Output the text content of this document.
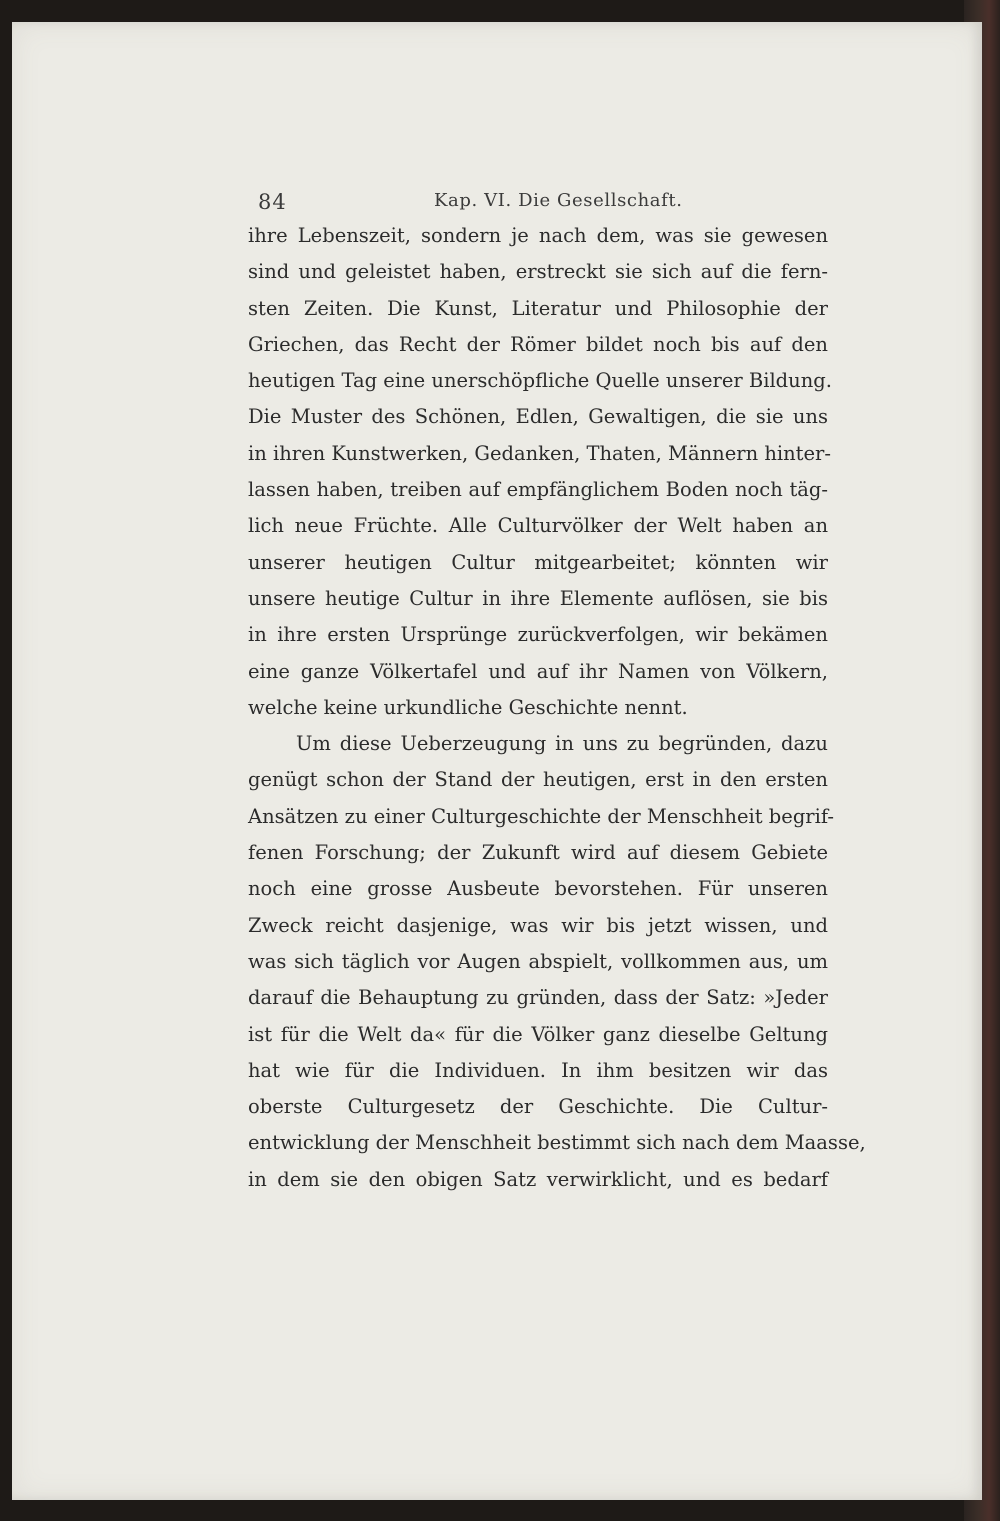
84	Kap. VI. Die Gesellschaft.
ihre Lebenszeit, sondern je nach dem, was sie gewesen
sind und geleistet haben, erstreckt sie sich auf die fern-
sten Zeiten. Die Kunst, Literatur und Philosophie der
Griechen, das Recht der Römer bildet noch bis auf den
heutigen Tag eine unerschöpfliche Quelle unserer Bildung.
Die Muster des Schönen, Edlen, Gewaltigen, die sie uns
in ihren Kunstwerken, Gedanken, Thaten, Männern hinter-
lassen haben, treiben auf empfänglichem Boden noch täg-
lich neue Früchte. Alle Culturvölker der Welt haben an
unserer heutigen Cultur mitgearbeitet; könnten wir
unsere heutige Cultur in ihre Elemente auflösen, sie bis
in ihre ersten Ursprünge zurückverfolgen, wir bekämen
eine ganze Völkertafel und auf ihr Namen von Völkern,
welche keine urkundliche Geschichte nennt.
Um diese Ueberzeugung in uns zu begründen, dazu
genügt schon der Stand der heutigen, erst in den ersten
Ansätzen zu einer Culturgeschichte der Menschheit begrif-
fenen Forschung; der Zukunft wird auf diesem Gebiete
noch eine grosse Ausbeute bevorstehen. Für unseren
Zweck reicht dasjenige, was wir bis jetzt wissen, und
was sich täglich vor Augen abspielt, vollkommen aus, um
darauf die Behauptung zu gründen, dass der Satz: »Jeder
ist für die Welt da« für die Völker ganz dieselbe Geltung
hat wie für die Individuen. In ihm besitzen wir das
oberste Culturgesetz der Geschichte. Die Cultur-
entwicklung der Menschheit bestimmt sich nach dem Maasse,
in dem sie den obigen Satz verwirklicht, und es bedarf
